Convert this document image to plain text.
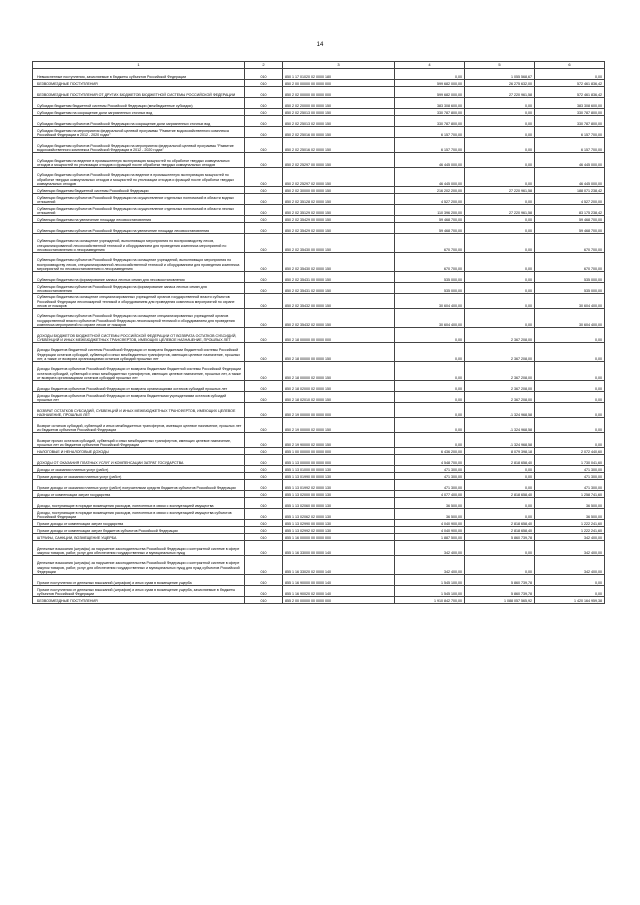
14
1	2	3	4	5	6
Невыясненные поступления, зачисляемые в бюджеты субъектов Российской Федерации	010	850 1 17 01020 02 0000 180	0,00	1 055 568,67	0,00
БЕЗВОЗМЕЗДНЫЕ ПОСТУПЛЕНИЯ	010	850 2 00 00000 00 0000 000	599 682 000,00	26 275 632,00	572 461 836,42
БЕЗВОЗМЕЗДНЫЕ ПОСТУПЛЕНИЯ ОТ ДРУГИХ БЮДЖЕТОВ БЮДЖЕТНОЙ СИСТЕМЫ РОССИЙСКОЙ ФЕДЕРАЦИИ	010	850 2 02 00000 00 0000 000	599 682 000,00	27 220 961,58	572 461 836,42
Субсидии бюджетам бюджетной системы Российской Федерации (межбюджетные субсидии)	010	850 2 02 20000 00 0000 150	383 308 600,00	0,00	383 308 600,00
Субсидии бюджетам на сокращение доли загрязненных сточных вод	010	850 2 02 25013 00 0000 150	330 787 800,00	0,00	330 787 800,00
Субсидии бюджетам субъектов Российской Федерации на сокращение доли загрязненных сточных вод	010	850 2 02 25013 02 0000 150	330 787 800,00	0,00	330 787 800,00
Субсидии бюджетам на мероприятия федеральной целевой программы "Развитие водохозяйственного комплекса Российской Федерации в 2012 - 2020 годах"	010	850 2 02 25016 00 0000 150	6 157 700,00	0,00	6 157 700,00
Субсидии бюджетам субъектов Российской Федерации на мероприятия федеральной целевой программы "Развитие водохозяйственного комплекса Российской Федерации в 2012 - 2020 годах"	010	850 2 02 25016 02 0000 150	6 157 700,00	0,00	6 157 700,00
Субсидии бюджетам на ведение в промышленную эксплуатацию мощностей по обработке твердых коммунальных отходов и мощностей по утилизации отходов и фракций после обработки твердых коммунальных отходов	010	850 2 02 25297 00 0000 150	46 445 000,00	0,00	46 445 000,00
Субсидии бюджетам субъектов Российской Федерации на ведение в промышленную эксплуатацию мощностей по обработке твердых коммунальных отходов и мощностей по утилизации отходов и фракций после обработки твердых коммунальных отходов	010	850 2 02 25297 02 0000 150	46 445 000,00	0,00	46 445 000,00
Субвенции бюджетам бюджетной системы Российской Федерации	010	850 2 02 30000 00 0000 150	216 202 200,00	27 220 961,58	188 071 238,42
Субвенции бюджетам субъектов Российской Федерации на осуществление отдельных полномочий в области водных отношений	010	850 2 02 35128 02 0000 150	4 527 200,00	0,00	4 527 200,00
Субвенции бюджетам субъектов Российской Федерации на осуществление отдельных полномочий в области лесных отношений	010	850 2 02 35129 02 0000 150	110 396 200,00	27 220 961,58	83 175 238,42
Субвенции бюджетам на увеличение площади лесовосстановления	010	850 2 02 35429 00 0000 150	59 468 700,00	0,00	59 468 700,00
Субвенции бюджетам субъектов Российской Федерации на увеличение площади лесовосстановления	010	850 2 02 35429 02 0000 150	59 468 700,00	0,00	59 468 700,00
Субвенции бюджетам на оснащение учреждений, выполняющих мероприятия по воспроизводству лесов, специализированной лесохозяйственной техникой и оборудованием для проведения комплекса мероприятий по лесовосстановлению и лесоразведению	010	850 2 02 35430 00 0000 150	670 700,00	0,00	670 700,00
Субвенции бюджетам субъектов Российской Федерации на оснащение учреждений, выполняющих мероприятия по воспроизводству лесов, специализированной лесохозяйственной техникой и оборудованием для проведения комплекса мероприятий по лесовосстановлению и лесоразведению	010	850 2 02 35430 02 0000 150	670 700,00	0,00	670 700,00
Субвенции бюджетам на формирование запаса лесных семян для лесовосстановления	010	850 2 02 35431 00 0000 150	535 000,00	0,00	535 000,00
Субвенции бюджетам субъектов Российской Федерации на формирование запаса лесных семян для лесовосстановления	010	850 2 02 35431 02 0000 150	535 000,00	0,00	535 000,00
Субвенции бюджетам на оснащение специализированных учреждений органов государственной власти субъектов Российской Федерации лесопожарной техникой и оборудованием для проведения комплекса мероприятий по охране лесов от пожаров	010	850 2 02 35432 00 0000 150	30 604 400,00	0,00	30 604 400,00
Субвенции бюджетам субъектов Российской Федерации на оснащение специализированных учреждений органов государственной власти субъектов Российской Федерации лесопожарной техникой и оборудованием для проведения комплекса мероприятий по охране лесов от пожаров	010	850 2 02 35432 02 0000 150	30 604 400,00	0,00	30 604 400,00
ДОХОДЫ БЮДЖЕТОВ БЮДЖЕТНОЙ СИСТЕМЫ РОССИЙСКОЙ ФЕДЕРАЦИИ ОТ ВОЗВРАТА ОСТАТКОВ СУБСИДИЙ, СУБВЕНЦИЙ И ИНЫХ МЕЖБЮДЖЕТНЫХ ТРАНСФЕРТОВ, ИМЕЮЩИХ ЦЕЛЕВОЕ НАЗНАЧЕНИЕ, ПРОШЛЫХ ЛЕТ	010	850 2 18 00000 00 0000 000	0,00	2 367 208,00	0,00
Доходы бюджетов бюджетной системы Российской Федерации от возврата бюджетами бюджетной системы Российской Федерации остатков субсидий, субвенций и иных межбюджетных трансфертов, имеющих целевое назначение, прошлых лет, а также от возврата организациями остатков субсидий прошлых лет	010	850 2 18 00000 00 0000 150	0,00	2 367 208,00	0,00
Доходы бюджетов субъектов Российской Федерации от возврата бюджетами бюджетной системы Российской Федерации остатков субсидий, субвенций и иных межбюджетных трансфертов, имеющих целевое назначение, прошлых лет, а также от возврата организациями остатков субсидий прошлых лет	010	850 2 18 00000 02 0000 150	0,00	2 367 208,00	0,00
Доходы бюджетов субъектов Российской Федерации от возврата организациями остатков субсидий прошлых лет	010	850 2 18 02000 02 0000 150	0,00	2 367 208,00	0,00
Доходы бюджетов субъектов Российской Федерации от возврата бюджетными учреждениями остатков субсидий прошлых лет	010	850 2 18 02010 02 0000 150	0,00	2 367 208,00	0,00
ВОЗВРАТ ОСТАТКОВ СУБСИДИЙ, СУБВЕНЦИЙ И ИНЫХ МЕЖБЮДЖЕТНЫХ ТРАНСФЕРТОВ, ИМЕЮЩИХ ЦЕЛЕВОЕ НАЗНАЧЕНИЕ, ПРОШЛЫХ ЛЕТ	010	850 2 19 00000 00 0000 000	0,00	-1 324 968,58	0,00
Возврат остатков субсидий, субвенций и иных межбюджетных трансфертов, имеющих целевое назначение, прошлых лет из бюджетов субъектов Российской Федерации	010	850 2 19 00000 02 0000 150	0,00	-1 324 968,58	0,00
Возврат прочих остатков субсидий, субвенций и иных межбюджетных трансфертов, имеющих целевое назначение, прошлых лет из бюджетов субъектов Российской Федерации	010	850 2 19 90000 02 0000 150	0,00	-1 324 968,58	0,00
НАЛОГОВЫЕ И НЕНАЛОГОВЫЕ ДОХОДЫ	010	855 1 00 00000 00 0000 000	6 436 200,00	8 079 398,18	2 072 440,60
ДОХОДЫ ОТ ОКАЗАНИЯ ПЛАТНЫХ УСЛУГ И КОМПЕНСАЦИИ ЗАТРАТ ГОСУДАРСТВА	010	855 1 13 00000 00 0000 000	4 548 700,00	2 818 658,40	1 730 041,60
Доходы от оказания платных услуг (работ)	010	855 1 13 01000 00 0000 130	471 300,00	0,00	471 300,00
Прочие доходы от оказания платных услуг (работ)	010	855 1 13 01990 00 0000 130	471 300,00	0,00	471 300,00
Прочие доходы от оказания платных услуг (работ) получателями средств бюджетов субъектов Российской Федерации	010	855 1 13 01992 02 0000 130	471 300,00	0,00	471 300,00
Доходы от компенсации затрат государства	010	855 1 13 02000 00 0000 130	4 077 400,00	2 818 658,40	1 258 741,60
Доходы, поступающие в порядке возмещения расходов, понесенных в связи с эксплуатацией имущества	010	855 1 13 02060 00 0000 130	36 500,00	0,00	36 500,00
Доходы, поступающие в порядке возмещения расходов, понесенных в связи с эксплуатацией имущества субъектов Российской Федерации	010	855 1 13 02062 02 0000 130	36 500,00	0,00	36 500,00
Прочие доходы от компенсации затрат государства	010	855 1 13 02990 00 0000 130	4 040 900,00	2 818 658,40	1 222 241,60
Прочие доходы от компенсации затрат бюджетов субъектов Российской Федерации	010	855 1 13 02992 02 0000 130	4 040 900,00	2 818 658,40	1 222 241,60
ШТРАФЫ, САНКЦИИ, ВОЗМЕЩЕНИЕ УЩЕРБА	010	855 1 16 00000 00 0000 000	1 887 500,00	5 860 739,78	342 400,00
Денежные взыскания (штрафы) за нарушение законодательства Российской Федерации о контрактной системе в сфере закупок товаров, работ, услуг для обеспечения государственных и муниципальных нужд	010	855 1 16 33000 00 0000 140	342 400,00	0,00	342 400,00
Денежные взыскания (штрафы) за нарушение законодательства Российской Федерации о контрактной системе в сфере закупок товаров, работ, услуг для обеспечения государственных и муниципальных нужд для нужд субъектов Российской Федерации	010	855 1 16 33020 02 0000 140	342 400,00	0,00	342 400,00
Прочие поступления от денежных взысканий (штрафов) и иных сумм в возмещение ущерба	010	855 1 16 90000 00 0000 140	1 545 100,00	5 860 739,78	0,00
Прочие поступления от денежных взысканий (штрафов) и иных сумм в возмещение ущерба, зачисляемые в бюджеты субъектов Российской Федерации	010	855 1 16 90020 02 0000 140	1 545 100,00	5 860 739,78	0,00
БЕЗВОЗМЕЗДНЫЕ ПОСТУПЛЕНИЯ	010	855 2 00 00000 00 0000 000	1 910 842 700,00	1 088 057 565,92	1 420 164 959,38
